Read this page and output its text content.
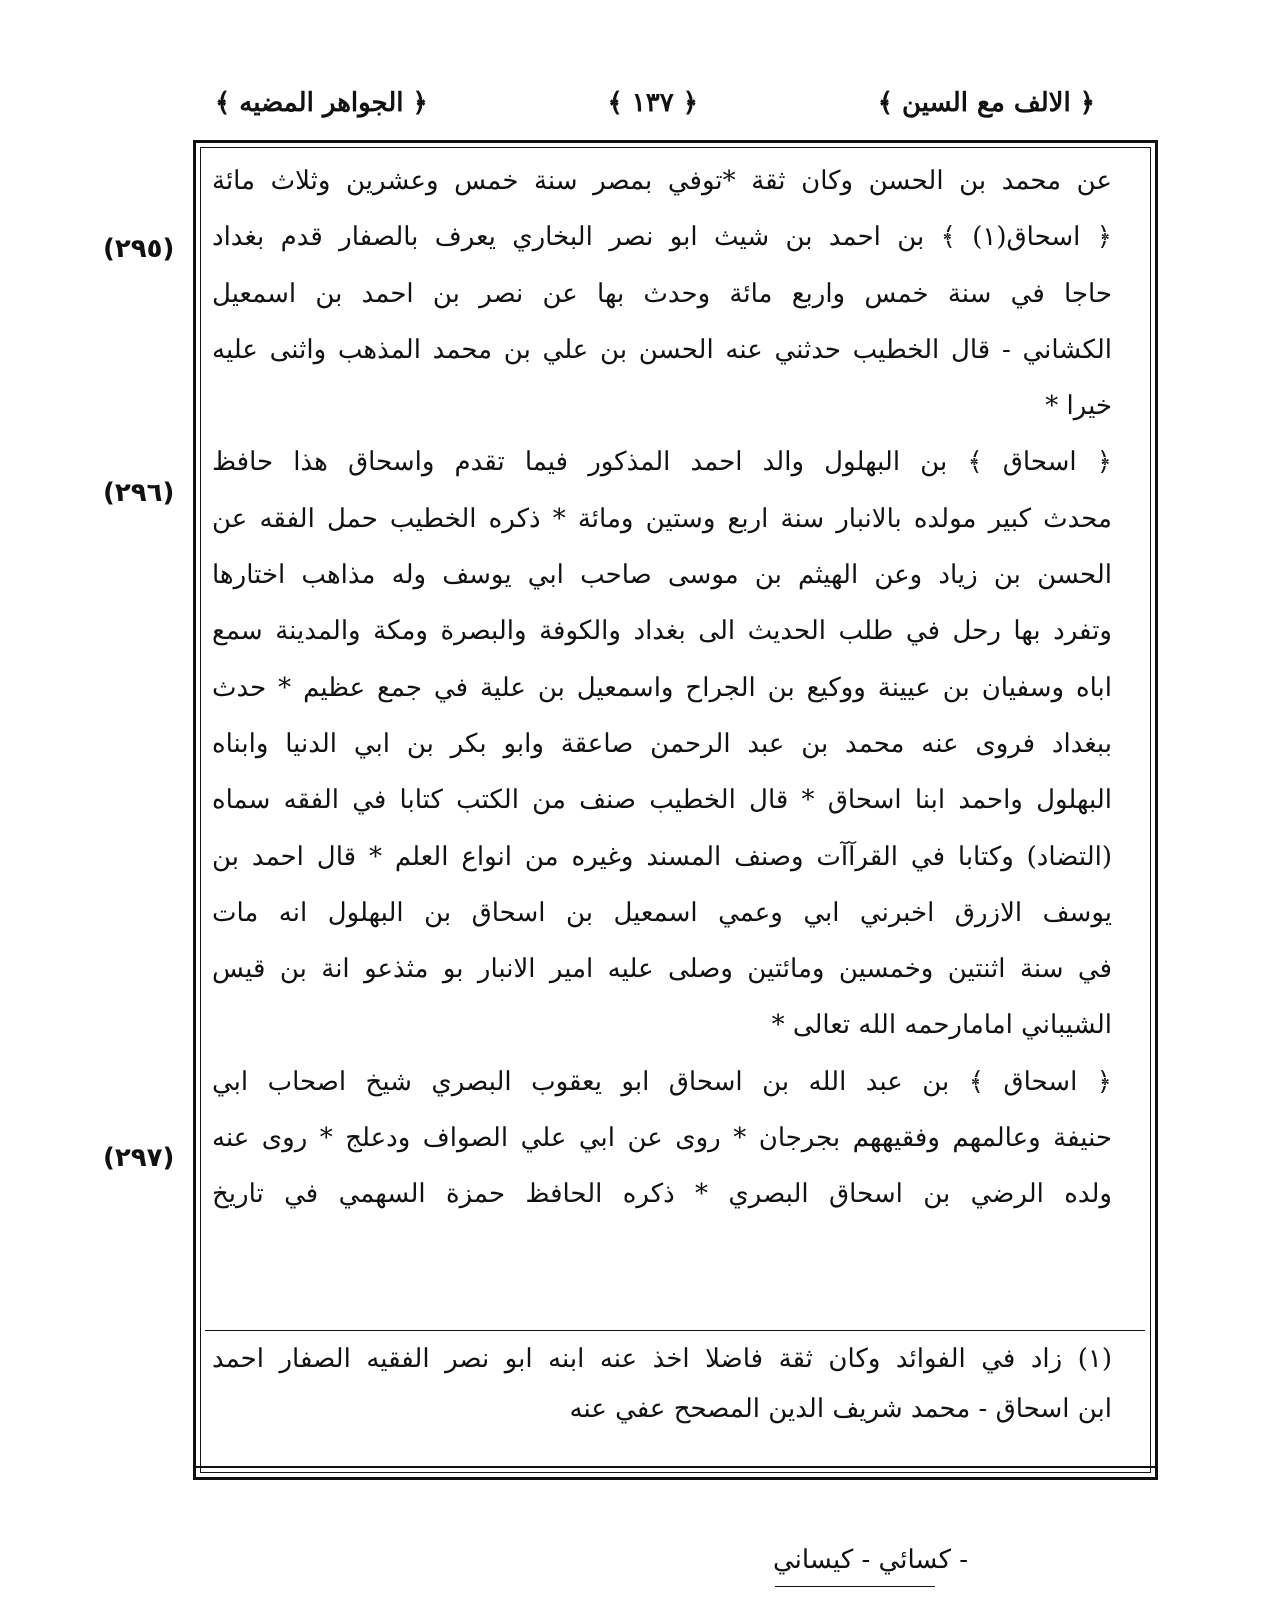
﴿ الالف مع السين ﴾
﴿ ١٣٧ ﴾
﴿ الجواهر المضيه ﴾
(٢٩٥)
(٢٩٦)
(٢٩٧)
عن محمد بن الحسن وكان ثقة *توفي بمصر سنة خمس وعشرين وثلاث مائة
﴿ اسحاق(١) ﴾ بن احمد بن شيث ابو نصر البخاري يعرف بالصفار قدم بغداد
حاجا في سنة خمس واربع مائة وحدث بها عن نصر بن احمد بن اسمعيل
الكشاني - قال الخطيب حدثني عنه الحسن بن علي بن محمد المذهب واثنى عليه
خيرا *
﴿ اسحاق ﴾ بن البهلول والد احمد المذكور فيما تقدم واسحاق هذا حافظ
محدث كبير مولده بالانبار سنة اربع وستين ومائة * ذكره الخطيب حمل الفقه عن
الحسن بن زياد وعن الهيثم بن موسى صاحب ابي يوسف وله مذاهب اختارها
وتفرد بها رحل في طلب الحديث الى بغداد والكوفة والبصرة ومكة والمدينة سمع
اباه وسفيان بن عيينة ووكيع بن الجراح واسمعيل بن علية في جمع عظيم * حدث
ببغداد فروى عنه محمد بن عبد الرحمن صاعقة وابو بكر بن ابي الدنيا وابناه
البهلول واحمد ابنا اسحاق * قال الخطيب صنف من الكتب كتابا في الفقه سماه
(التضاد) وكتابا في القرآآت وصنف المسند وغيره من انواع العلم * قال احمد بن
يوسف الازرق اخبرني ابي وعمي اسمعيل بن اسحاق بن البهلول انه مات
في سنة اثنتين وخمسين ومائتين وصلى عليه امير الانبار بو مثذعو انة بن قيس
الشيباني امامارحمه الله تعالى *
﴿ اسحاق ﴾ بن عبد الله بن اسحاق ابو يعقوب البصري شيخ اصحاب ابي
حنيفة وعالمهم وفقيههم بجرجان * روى عن ابي علي الصواف ودعلج * روى عنه
ولده الرضي بن اسحاق البصري * ذكره الحافظ حمزة السهمي في تاريخ
(١) زاد في الفوائد وكان ثقة فاضلا اخذ عنه ابنه ابو نصر الفقيه الصفار احمد
ابن اسحاق - محمد شريف الدين المصحح عفي عنه
- كسائي - كيساني
